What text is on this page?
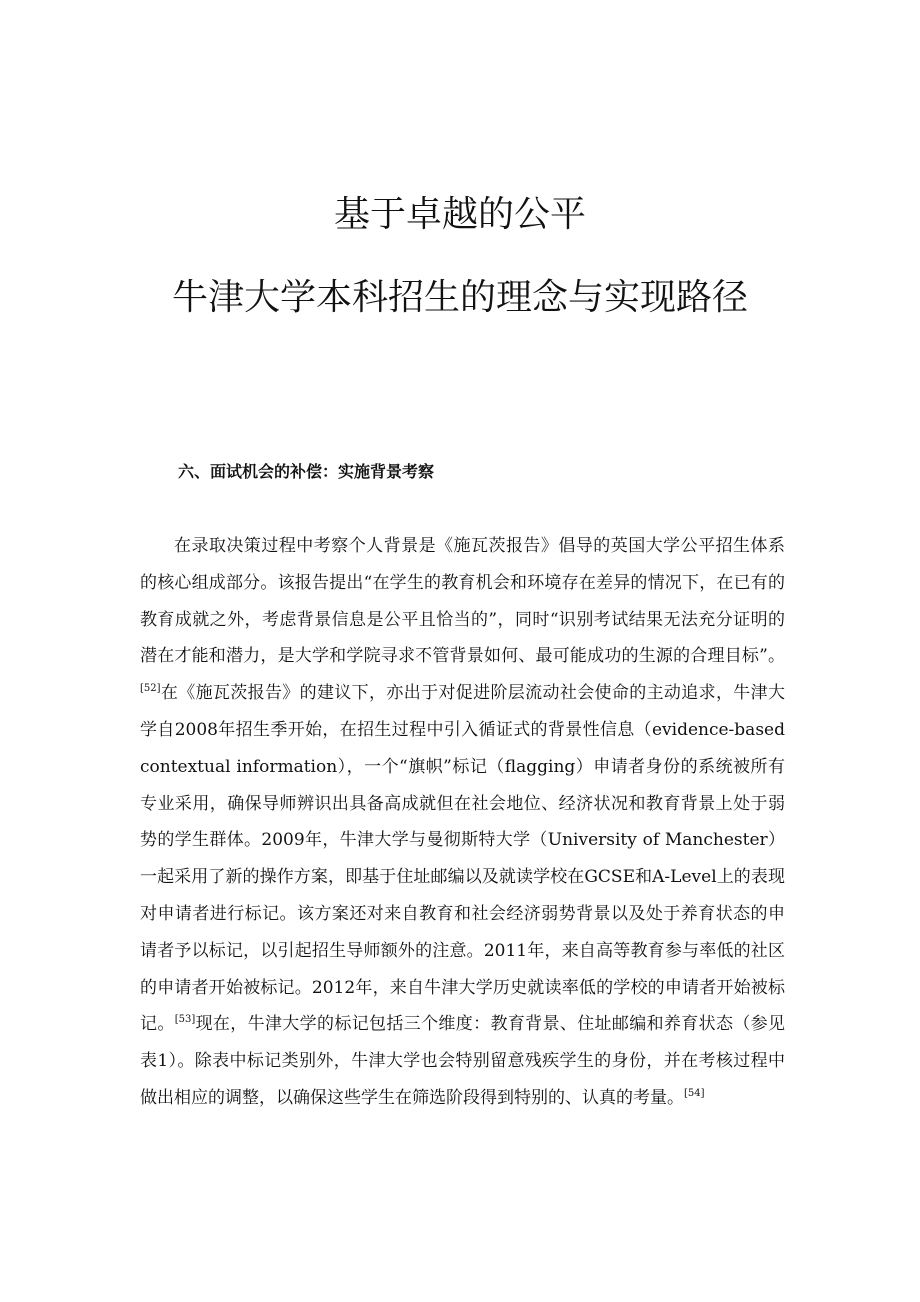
基于卓越的公平
牛津大学本科招生的理念与实现路径
六、面试机会的补偿：实施背景考察

在录取决策过程中考察个人背景是《施瓦茨报告》倡导的英国大学公平招生体系的核心组成部分。该报告提出“在学生的教育机会和环境存在差异的情况下，在已有的教育成就之外，考虑背景信息是公平且恰当的”，同时“识别考试结果无法充分证明的潜在才能和潜力，是大学和学院寻求不管背景如何、最可能成功的生源的合理目标”。[52]在《施瓦茨报告》的建议下，亦出于对促进阶层流动社会使命的主动追求，牛津大学自2008年招生季开始，在招生过程中引入循证式的背景性信息（evidence-based contextual information），一个“旗帜”标记（flagging）申请者身份的系统被所有专业采用，确保导师辨识出具备高成就但在社会地位、经济状况和教育背景上处于弱势的学生群体。2009年，牛津大学与曼彻斯特大学（University of Manchester）一起采用了新的操作方案，即基于住址邮编以及就读学校在GCSE和A-Level上的表现对申请者进行标记。该方案还对来自教育和社会经济弱势背景以及处于养育状态的申请者予以标记，以引起招生导师额外的注意。2011年，来自高等教育参与率低的社区的申请者开始被标记。2012年，来自牛津大学历史就读率低的学校的申请者开始被标记。[53]现在，牛津大学的标记包括三个维度：教育背景、住址邮编和养育状态（参见表1）。除表中标记类别外，牛津大学也会特别留意残疾学生的身份，并在考核过程中做出相应的调整，以确保这些学生在筛选阶段得到特别的、认真的考量。[54]
